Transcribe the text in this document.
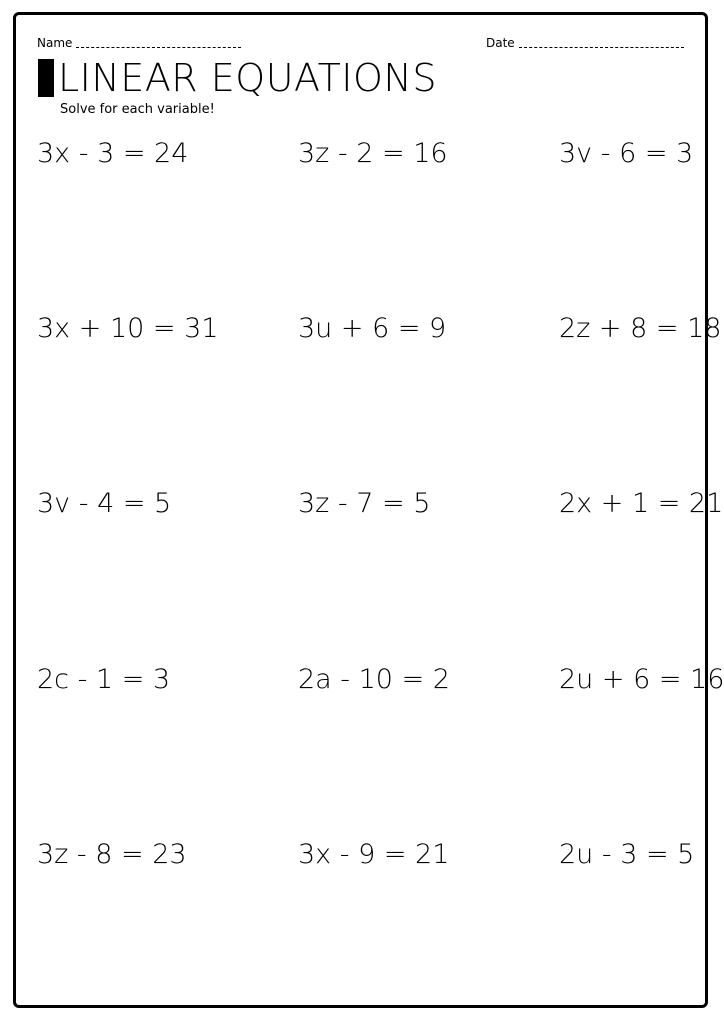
Name	Date
LINEAR EQUATIONS
Solve for each variable!
3x - 3 = 24	3z - 2 = 16	3v - 6 = 3
3x + 10 = 31	3u + 6 = 9	2z + 8 = 18
3v - 4 = 5	3z - 7 = 5	2x + 1 = 21
2c - 1 = 3	2a - 10 = 2	2u + 6 = 16
3z - 8 = 23	3x - 9 = 21	2u - 3 = 5
